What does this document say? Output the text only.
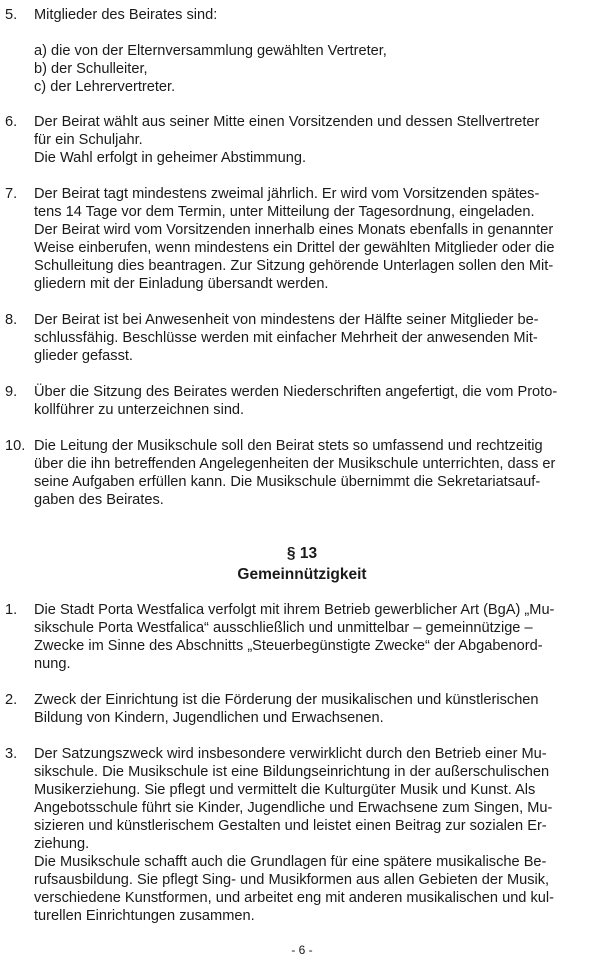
5. Mitglieder des Beirates sind:
a) die von der Elternversammlung gewählten Vertreter,
b) der Schulleiter,
c) der Lehrervertreter.
6. Der Beirat wählt aus seiner Mitte einen Vorsitzenden und dessen Stellvertreter
für ein Schuljahr.
Die Wahl erfolgt in geheimer Abstimmung.
7. Der Beirat tagt mindestens zweimal jährlich. Er wird vom Vorsitzenden spätes-
tens 14 Tage vor dem Termin, unter Mitteilung der Tagesordnung, eingeladen.
Der Beirat wird vom Vorsitzenden innerhalb eines Monats ebenfalls in genannter
Weise einberufen, wenn mindestens ein Drittel der gewählten Mitglieder oder die
Schulleitung dies beantragen. Zur Sitzung gehörende Unterlagen sollen den Mit-
gliedern mit der Einladung übersandt werden.
8. Der Beirat ist bei Anwesenheit von mindestens der Hälfte seiner Mitglieder be-
schlussfähig. Beschlüsse werden mit einfacher Mehrheit der anwesenden Mit-
glieder gefasst.
9. Über die Sitzung des Beirates werden Niederschriften angefertigt, die vom Proto-
kollführer zu unterzeichnen sind.
10. Die Leitung der Musikschule soll den Beirat stets so umfassend und rechtzeitig
über die ihn betreffenden Angelegenheiten der Musikschule unterrichten, dass er
seine Aufgaben erfüllen kann. Die Musikschule übernimmt die Sekretariatsauf-
gaben des Beirates.
§ 13
Gemeinnützigkeit
1. Die Stadt Porta Westfalica verfolgt mit ihrem Betrieb gewerblicher Art (BgA) „Mu-
sikschule Porta Westfalica“ ausschließlich und unmittelbar – gemeinnützige –
Zwecke im Sinne des Abschnitts „Steuerbegünstigte Zwecke“ der Abgabenord-
nung.
2. Zweck der Einrichtung ist die Förderung der musikalischen und künstlerischen
Bildung von Kindern, Jugendlichen und Erwachsenen.
3. Der Satzungszweck wird insbesondere verwirklicht durch den Betrieb einer Mu-
sikschule. Die Musikschule ist eine Bildungseinrichtung in der außerschulischen
Musikerziehung. Sie pflegt und vermittelt die Kulturgüter Musik und Kunst. Als
Angebotsschule führt sie Kinder, Jugendliche und Erwachsene zum Singen, Mu-
sizieren und künstlerischem Gestalten und leistet einen Beitrag zur sozialen Er-
ziehung.
Die Musikschule schafft auch die Grundlagen für eine spätere musikalische Be-
rufsausbildung. Sie pflegt Sing- und Musikformen aus allen Gebieten der Musik,
verschiedene Kunstformen, und arbeitet eng mit anderen musikalischen und kul-
turellen Einrichtungen zusammen.
- 6 -
